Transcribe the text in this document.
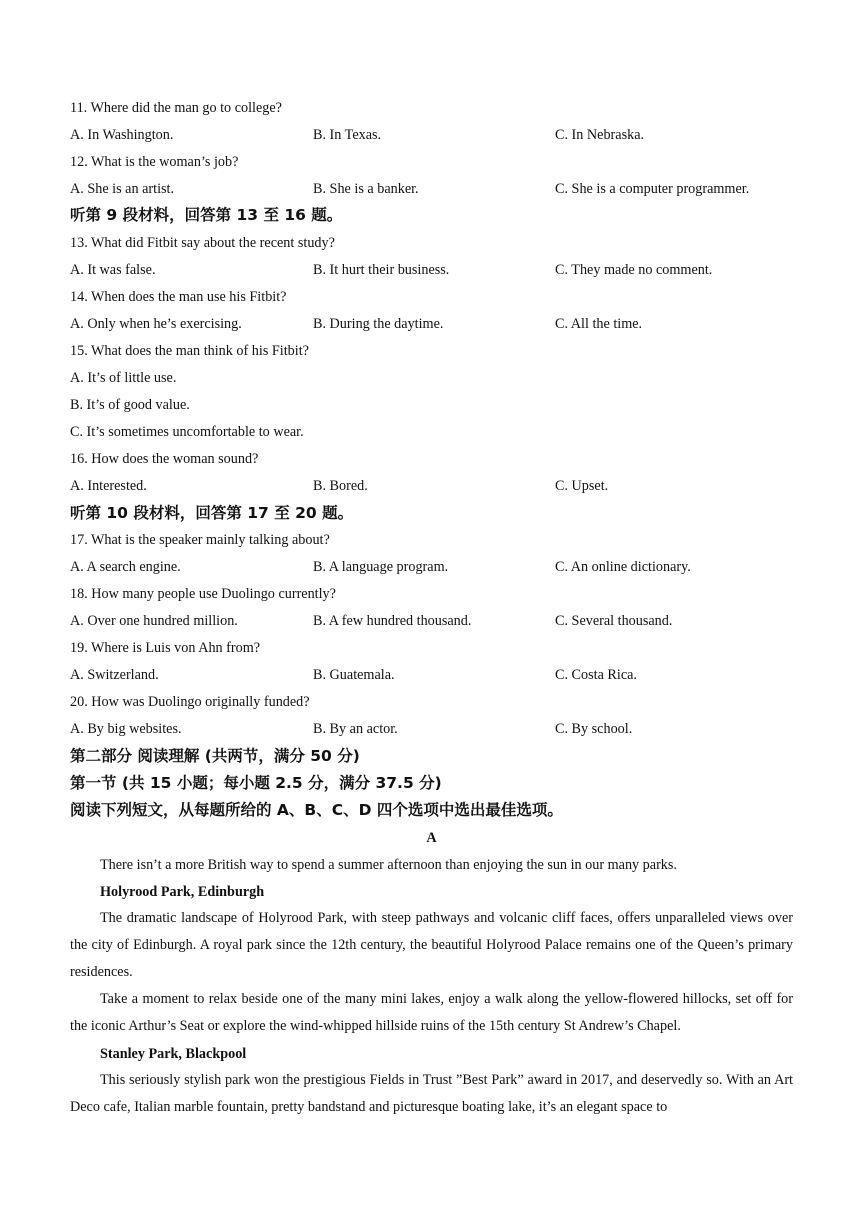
11. Where did the man go to college?
A. In Washington.	B. In Texas.	C. In Nebraska.
12. What is the woman’s job?
A. She is an artist.	B. She is a banker.	C. She is a computer programmer.
听第 9 段材料，回答第 13 至 16 题。
13. What did Fitbit say about the recent study?
A. It was false.	B. It hurt their business.	C. They made no comment.
14. When does the man use his Fitbit?
A. Only when he’s exercising.	B. During the daytime.	C. All the time.
15. What does the man think of his Fitbit?
A. It’s of little use.
B. It’s of good value.
C. It’s sometimes uncomfortable to wear.
16. How does the woman sound?
A. Interested.	B. Bored.	C. Upset.
听第 10 段材料，回答第 17 至 20 题。
17. What is the speaker mainly talking about?
A. A search engine.	B. A language program.	C. An online dictionary.
18. How many people use Duolingo currently?
A. Over one hundred million.	B. A few hundred thousand.	C. Several thousand.
19. Where is Luis von Ahn from?
A. Switzerland.	B. Guatemala.	C. Costa Rica.
20. How was Duolingo originally funded?
A. By big websites.	B. By an actor.	C. By school.
第二部分 阅读理解 (共两节，满分 50 分)
第一节 (共 15 小题；每小题 2.5 分，满分 37.5 分)
阅读下列短文，从每题所给的 A、B、C、D 四个选项中选出最佳选项。
A
There isn’t a more British way to spend a summer afternoon than enjoying the sun in our many parks.
Holyrood Park, Edinburgh
The dramatic landscape of Holyrood Park, with steep pathways and volcanic cliff faces, offers unparalleled views over the city of Edinburgh. A royal park since the 12th century, the beautiful Holyrood Palace remains one of the Queen’s primary residences.
Take a moment to relax beside one of the many mini lakes, enjoy a walk along the yellow-flowered hillocks, set off for the iconic Arthur’s Seat or explore the wind-whipped hillside ruins of the 15th century St Andrew’s Chapel.
Stanley Park, Blackpool
This seriously stylish park won the prestigious Fields in Trust ”Best Park” award in 2017, and deservedly so. With an Art Deco cafe, Italian marble fountain, pretty bandstand and picturesque boating lake, it’s an elegant space to
